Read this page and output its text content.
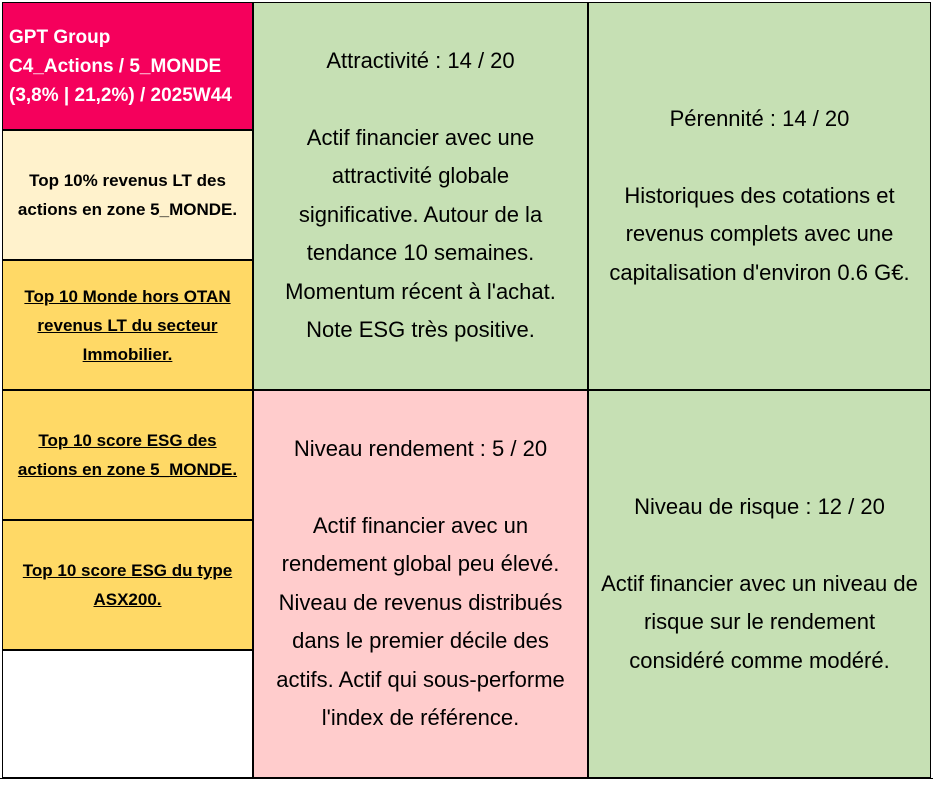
GPT Group
C4_Actions / 5_MONDE
(3,8% | 21,2%) / 2025W44
Top 10% revenus LT des
actions en zone 5_MONDE.
Top 10 Monde hors OTAN
revenus LT du secteur
Immobilier.
Top 10 score ESG des
actions en zone 5_MONDE.
Top 10 score ESG du type
ASX200.
Attractivité : 14 / 20
Actif financier avec une
attractivité globale
significative. Autour de la
tendance 10 semaines.
Momentum récent à l'achat.
Note ESG très positive.
Pérennité : 14 / 20
Historiques des cotations et
revenus complets avec une
capitalisation d'environ 0.6 G€.
Niveau rendement : 5 / 20
Actif financier avec un
rendement global peu élevé.
Niveau de revenus distribués
dans le premier décile des
actifs. Actif qui sous-performe
l'index de référence.
Niveau de risque : 12 / 20
Actif financier avec un niveau de
risque sur le rendement
considéré comme modéré.
